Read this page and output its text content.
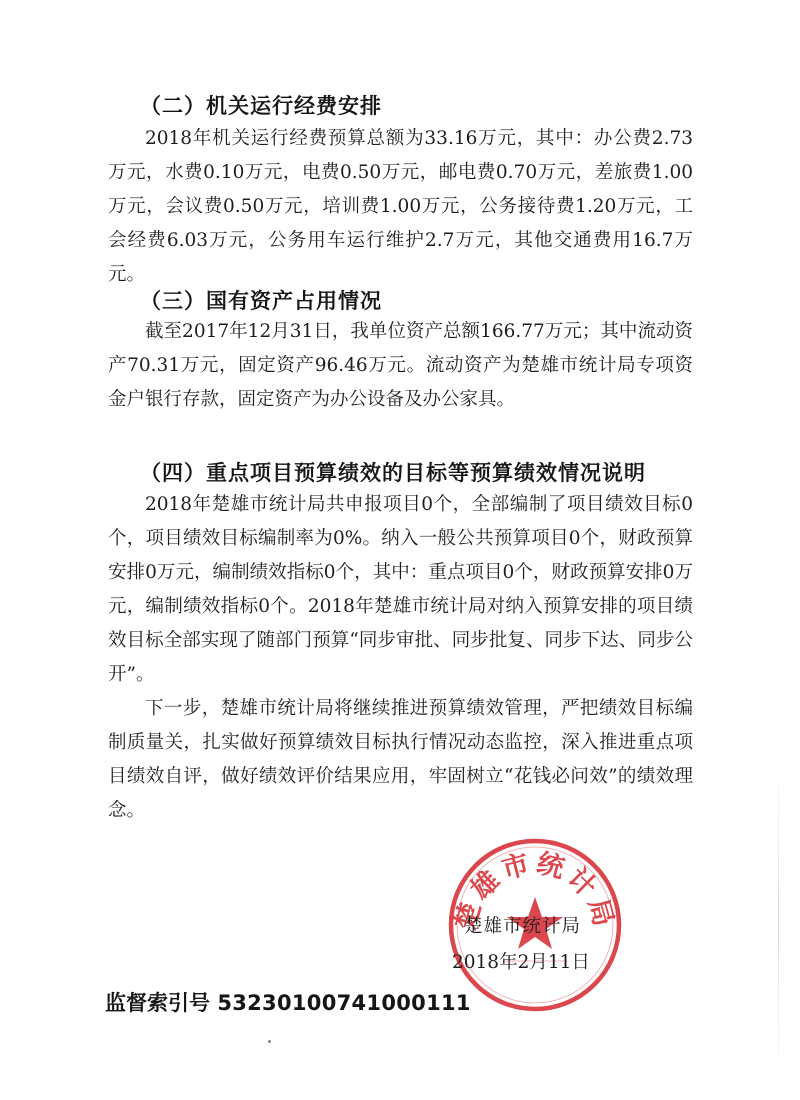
（二）机关运行经费安排

2018年机关运行经费预算总额为33.16万元，其中：办公费2.73万元，水费0.10万元，电费0.50万元，邮电费0.70万元，差旅费1.00万元，会议费0.50万元，培训费1.00万元，公务接待费1.20万元，工会经费6.03万元，公务用车运行维护2.7万元，其他交通费用16.7万元。

（三）国有资产占用情况

截至2017年12月31日，我单位资产总额166.77万元；其中流动资产70.31万元，固定资产96.46万元。流动资产为楚雄市统计局专项资金户银行存款，固定资产为办公设备及办公家具。

（四）重点项目预算绩效的目标等预算绩效情况说明

2018年楚雄市统计局共申报项目0个，全部编制了项目绩效目标0个，项目绩效目标编制率为0%。纳入一般公共预算项目0个，财政预算安排0万元，编制绩效指标0个，其中：重点项目0个，财政预算安排0万元，编制绩效指标0个。2018年楚雄市统计局对纳入预算安排的项目绩效目标全部实现了随部门预算“同步审批、同步批复、同步下达、同步公开”。

下一步，楚雄市统计局将继续推进预算绩效管理，严把绩效目标编制质量关，扎实做好预算绩效目标执行情况动态监控，深入推进重点项目绩效自评，做好绩效评价结果应用，牢固树立“花钱必问效”的绩效理念。

楚雄市统计局
楚雄市统计局
2018年2月11日
监督索引号 53230100741000111
